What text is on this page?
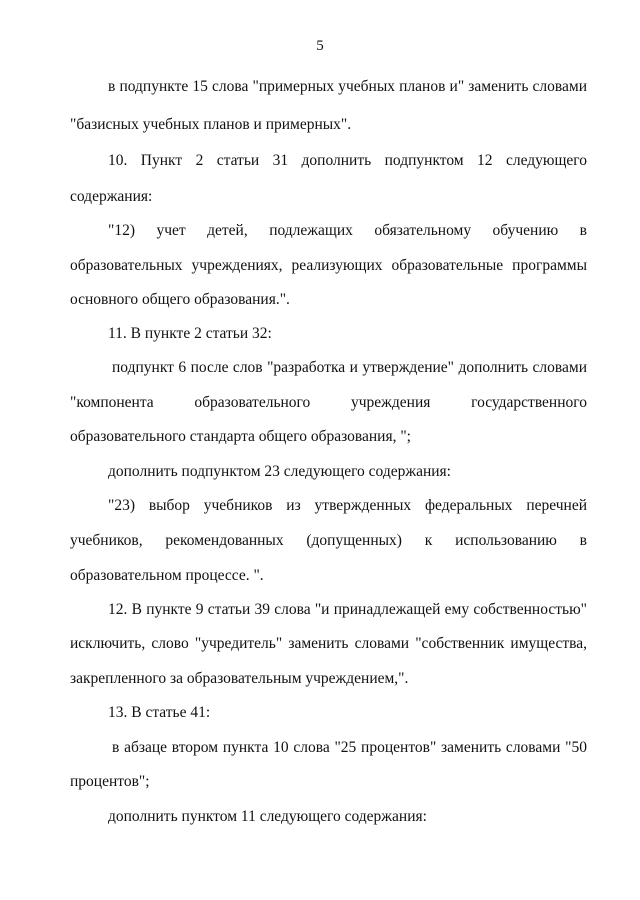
5
в подпункте 15 слова "примерных учебных планов и" заменить словами
"базисных учебных планов и примерных".
10. Пункт 2 статьи 31 дополнить подпунктом 12 следующего
содержания:
"12) учет детей, подлежащих обязательному обучению в
образовательных учреждениях, реализующих образовательные программы
основного общего образования.".
11. В пункте 2 статьи 32:
подпункт 6 после слов "разработка и утверждение" дополнить словами
"компонента образовательного учреждения государственного
образовательного стандарта общего образования, ";
дополнить подпунктом 23 следующего содержания:
"23) выбор учебников из утвержденных федеральных перечней
учебников, рекомендованных (допущенных) к использованию в
образовательном процессе. ".
12. В пункте 9 статьи 39 слова "и принадлежащей ему собственностью"
исключить, слово "учредитель" заменить словами "собственник имущества,
закрепленного за образовательным учреждением,".
13. В статье 41:
в абзаце втором пункта 10 слова "25 процентов" заменить словами "50
процентов";
дополнить пунктом 11 следующего содержания:
